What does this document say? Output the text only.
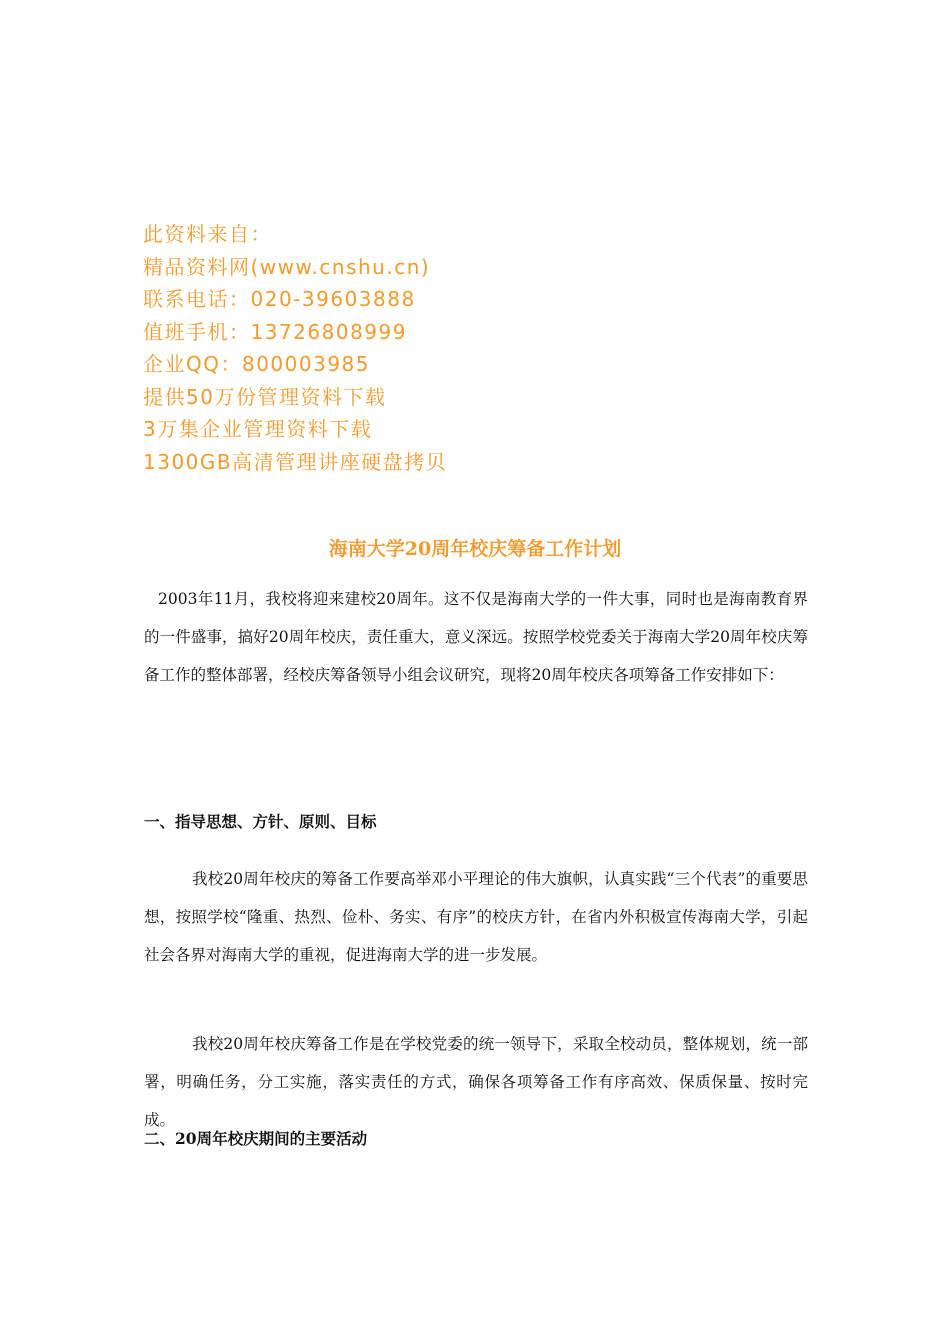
此资料来自：
精品资料网(www.cnshu.cn)
联系电话：020-39603888
值班手机：13726808999
企业QQ：800003985
提供50万份管理资料下载
3万集企业管理资料下载
1300GB高清管理讲座硬盘拷贝
海南大学20周年校庆筹备工作计划
2003年11月，我校将迎来建校20周年。这不仅是海南大学的一件大事，同时也是海南教育界的一件盛事，搞好20周年校庆，责任重大，意义深远。按照学校党委关于海南大学20周年校庆筹备工作的整体部署，经校庆筹备领导小组会议研究，现将20周年校庆各项筹备工作安排如下：
一、指导思想、方针、原则、目标
我校20周年校庆的筹备工作要高举邓小平理论的伟大旗帜，认真实践“三个代表”的重要思想，按照学校“隆重、热烈、俭朴、务实、有序”的校庆方针，在省内外积极宣传海南大学，引起社会各界对海南大学的重视，促进海南大学的进一步发展。
我校20周年校庆筹备工作是在学校党委的统一领导下，采取全校动员，整体规划，统一部署，明确任务，分工实施，落实责任的方式，确保各项筹备工作有序高效、保质保量、按时完成。
二、20周年校庆期间的主要活动
